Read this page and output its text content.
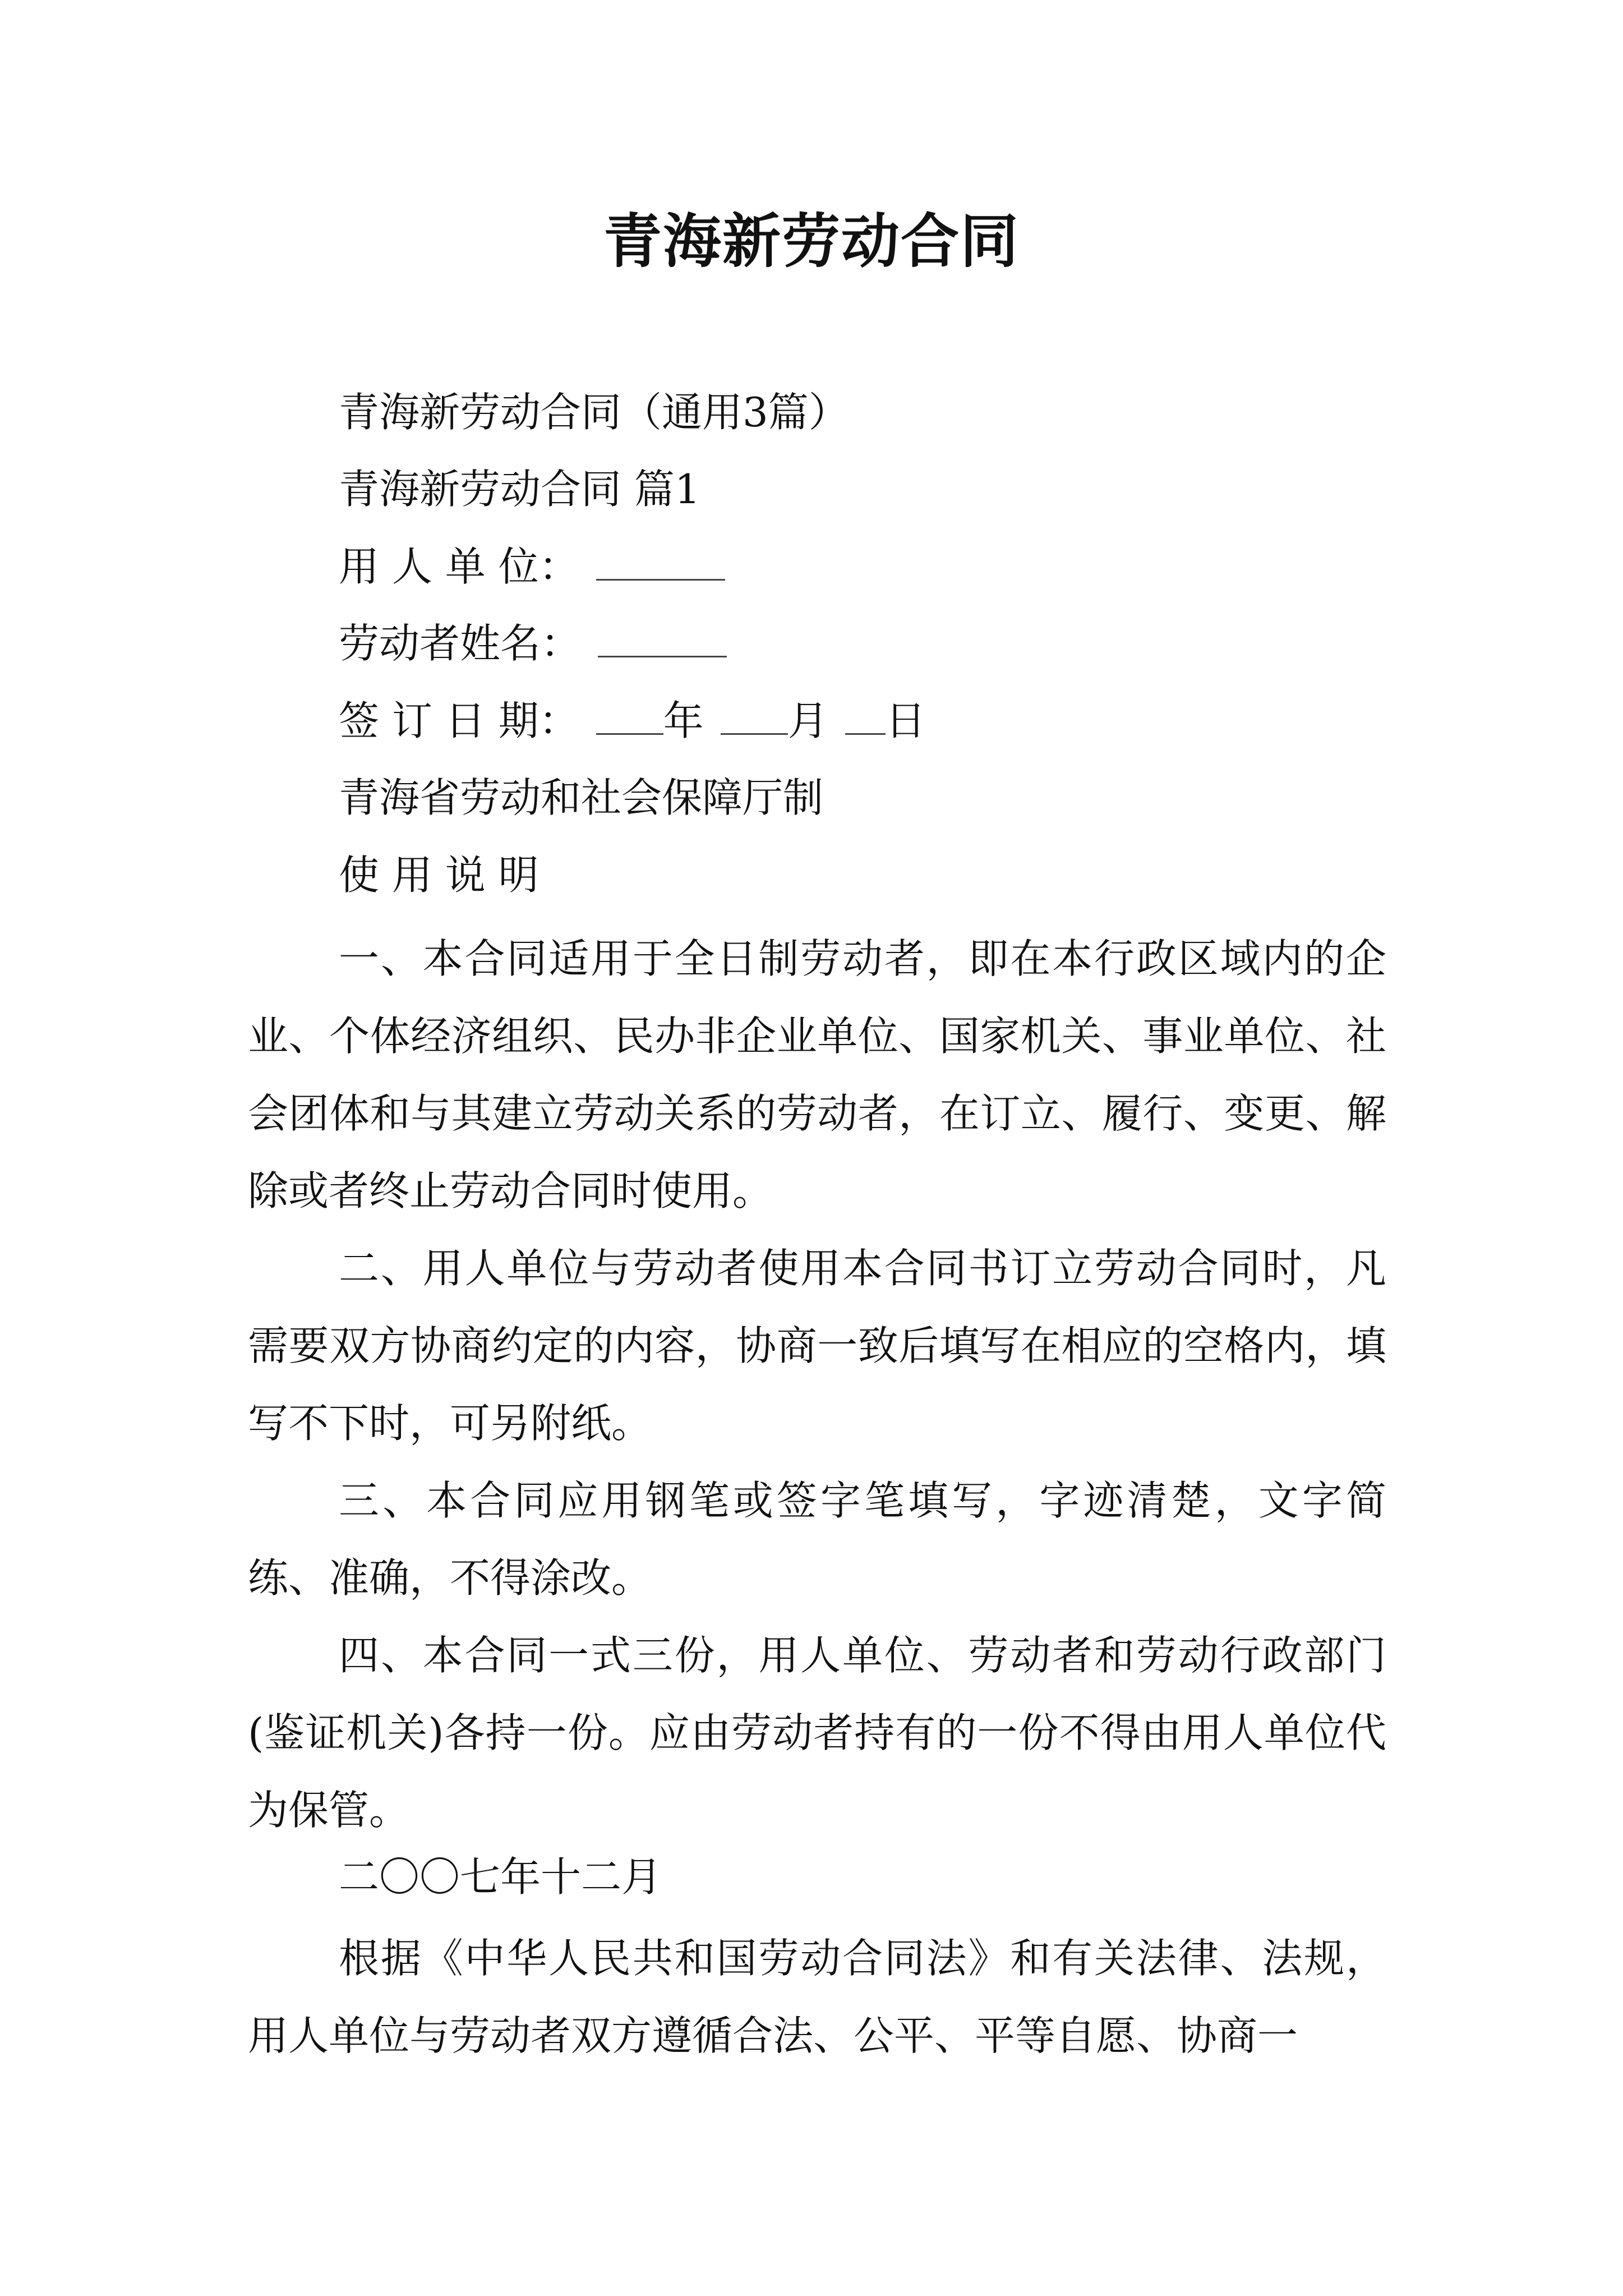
青海新劳动合同
青海新劳动合同（通用3篇）
青海新劳动合同 篇1
用 人 单 位：
劳动者姓名：
签 订 日 期： 年 月 日
青海省劳动和社会保障厅制
使 用 说 明
一、本合同适用于全日制劳动者，即在本行政区域内的企业、个体经济组织、民办非企业单位、国家机关、事业单位、社会团体和与其建立劳动关系的劳动者，在订立、履行、变更、解除或者终止劳动合同时使用。
二、用人单位与劳动者使用本合同书订立劳动合同时，凡需要双方协商约定的内容，协商一致后填写在相应的空格内，填写不下时，可另附纸。
三、本合同应用钢笔或签字笔填写，字迹清楚，文字简练、准确，不得涂改。
四、本合同一式三份，用人单位、劳动者和劳动行政部门(鉴证机关)各持一份。应由劳动者持有的一份不得由用人单位代为保管。
二〇〇七年十二月
根据《中华人民共和国劳动合同法》和有关法律、法规，用人单位与劳动者双方遵循合法、公平、平等自愿、协商一
